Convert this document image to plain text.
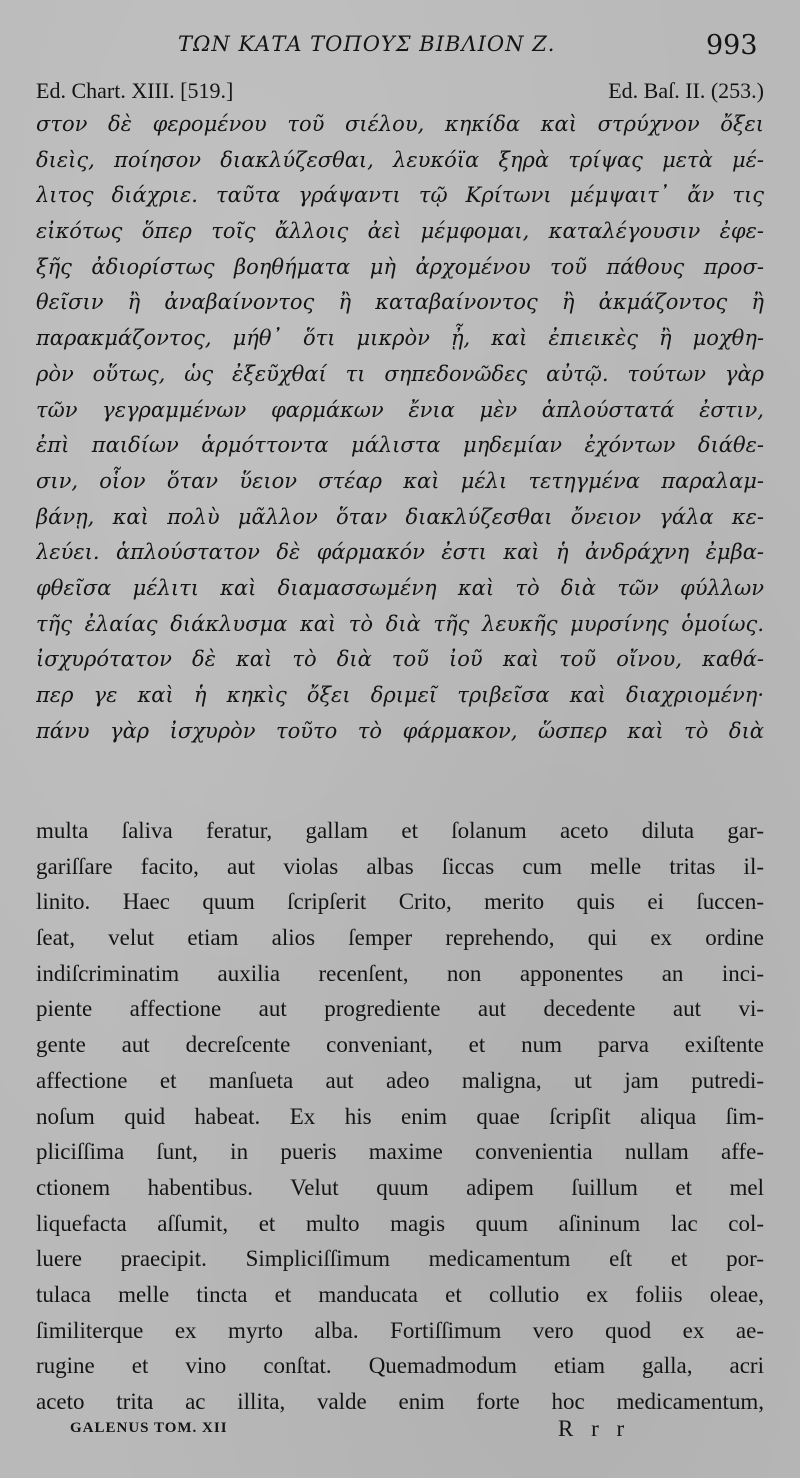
ΤΩΝ ΚΑΤΑ ΤΟΠΟΥΣ ΒΙΒΛΙΟΝ Ζ.	993
Ed. Chart. XIII. [519.]	Ed. Baſ. II. (253.)
στον δὲ φερομένου τοῦ σιέλου, κηκίδα καὶ στρύχνον ὄξει
διεὶς, ποίησον διακλύζεσθαι, λευκόϊα ξηρὰ τρίψας μετὰ μέ-
λιτος διάχριε. ταῦτα γράψαντι τῷ Κρίτωνι μέμψαιτ᾽ ἄν τις
εἰκότως ὅπερ τοῖς ἄλλοις ἀεὶ μέμφομαι, καταλέγουσιν ἐφε-
ξῆς ἀδιορίστως βοηθήματα μὴ ἀρχομένου τοῦ πάθους προσ-
θεῖσιν ἢ ἀναβαίνοντος ἢ καταβαίνοντος ἢ ἀκμάζοντος ἢ
παρακμάζοντος, μήθ᾽ ὅτι μικρὸν ᾖ, καὶ ἐπιεικὲς ἢ μοχθη-
ρὸν οὕτως, ὡς ἐξεῦχθαί τι σηπεδονῶδες αὐτῷ. τούτων γὰρ
τῶν γεγραμμένων φαρμάκων ἔνια μὲν ἁπλούστατά ἐστιν,
ἐπὶ παιδίων ἁρμόττοντα μάλιστα μηδεμίαν ἐχόντων διάθε-
σιν, οἷον ὅταν ὕειον στέαρ καὶ μέλι τετηγμένα παραλαμ-
βάνῃ, καὶ πολὺ μᾶλλον ὅταν διακλύζεσθαι ὄνειον γάλα κε-
λεύει. ἁπλούστατον δὲ φάρμακόν ἐστι καὶ ἡ ἀνδράχνη ἐμβα-
φθεῖσα μέλιτι καὶ διαμασσωμένη καὶ τὸ διὰ τῶν φύλλων
τῆς ἐλαίας διάκλυσμα καὶ τὸ διὰ τῆς λευκῆς μυρσίνης ὁμοίως.
ἰσχυρότατον δὲ καὶ τὸ διὰ τοῦ ἰοῦ καὶ τοῦ οἴνου, καθά-
περ γε καὶ ἡ κηκὶς ὄξει δριμεῖ τριβεῖσα καὶ διαχριομένη·
πάνυ γὰρ ἰσχυρὸν τοῦτο τὸ φάρμακον, ὥσπερ καὶ τὸ διὰ
multa ſaliva feratur, gallam et ſolanum aceto diluta gar-
gariſſare facito, aut violas albas ſiccas cum melle tritas il-
linito. Haec quum ſcripſerit Crito, merito quis ei ſuccen-
ſeat, velut etiam alios ſemper reprehendo, qui ex ordine
indiſcriminatim auxilia recenſent, non apponentes an inci-
piente affectione aut progrediente aut decedente aut vi-
gente aut decreſcente conveniant, et num parva exiſtente
affectione et manſueta aut adeo maligna, ut jam putredi-
noſum quid habeat. Ex his enim quae ſcripſit aliqua ſim-
pliciſſima ſunt, in pueris maxime convenientia nullam affe-
ctionem habentibus. Velut quum adipem ſuillum et mel
liquefacta aſſumit, et multo magis quum aſininum lac col-
luere praecipit. Simpliciſſimum medicamentum eſt et por-
tulaca melle tincta et manducata et collutio ex foliis oleae,
ſimiliterque ex myrto alba. Fortiſſimum vero quod ex ae-
rugine et vino conſtat. Quemadmodum etiam galla, acri
aceto trita ac illita, valde enim forte hoc medicamentum,
GALENUS TOM. XII	R r r
